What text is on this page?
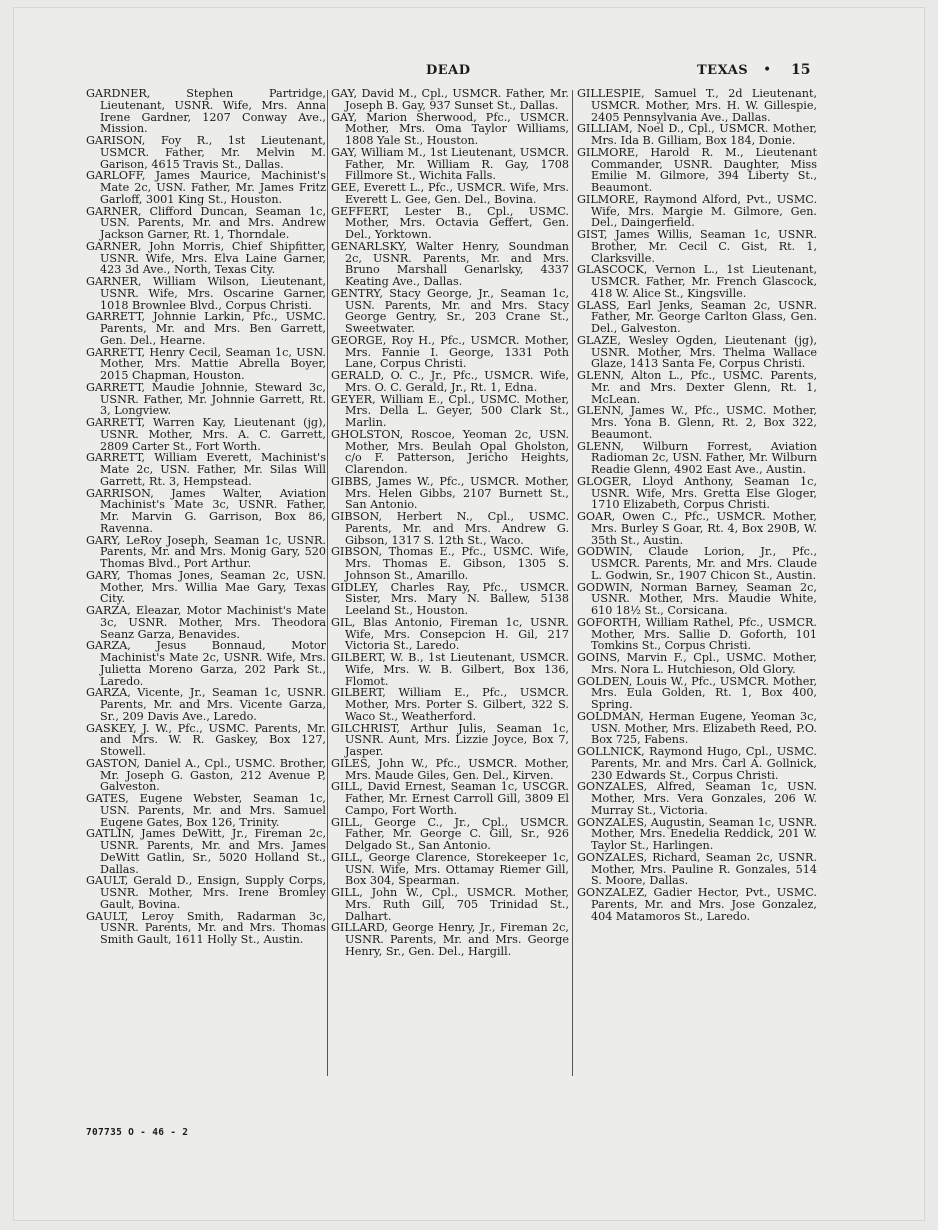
DEAD	TEXAS • 15
GARDNER, Stephen Partridge, Lieutenant, USNR. Wife, Mrs. Anna Irene Gardner, 1207 Conway Ave., Mission.
GARISON, Foy R., 1st Lieutenant, USMCR. Father, Mr. Melvin M. Garison, 4615 Travis St., Dallas.
GARLOFF, James Maurice, Machinist's Mate 2c, USN. Father, Mr. James Fritz Garloff, 3001 King St., Houston.
GARNER, Clifford Duncan, Seaman 1c, USN. Parents, Mr. and Mrs. Andrew Jackson Garner, Rt. 1, Thorndale.
GARNER, John Morris, Chief Shipfitter, USNR. Wife, Mrs. Elva Laine Garner, 423 3d Ave., North, Texas City.
GARNER, William Wilson, Lieutenant, USNR. Wife, Mrs. Oscarine Garner, 1018 Brownlee Blvd., Corpus Christi.
GARRETT, Johnnie Larkin, Pfc., USMC. Parents, Mr. and Mrs. Ben Garrett, Gen. Del., Hearne.
GARRETT, Henry Cecil, Seaman 1c, USN. Mother, Mrs. Mattie Abrella Boyer, 2015 Chapman, Houston.
GARRETT, Maudie Johnnie, Steward 3c, USNR. Father, Mr. Johnnie Garrett, Rt. 3, Longview.
GARRETT, Warren Kay, Lieutenant (jg), USNR. Mother, Mrs. A. C. Garrett, 2809 Carter St., Fort Worth.
GARRETT, William Everett, Machinist's Mate 2c, USN. Father, Mr. Silas Will Garrett, Rt. 3, Hempstead.
GARRISON, James Walter, Aviation Machinist's Mate 3c, USNR. Father, Mr. Marvin G. Garrison, Box 86, Ravenna.
GARY, LeRoy Joseph, Seaman 1c, USNR. Parents, Mr. and Mrs. Monig Gary, 520 Thomas Blvd., Port Arthur.
GARY, Thomas Jones, Seaman 2c, USN. Mother, Mrs. Willia Mae Gary, Texas City.
GARZA, Eleazar, Motor Machinist's Mate 3c, USNR. Mother, Mrs. Theodora Seanz Garza, Benavides.
GARZA, Jesus Bonnaud, Motor Machinist's Mate 2c, USNR. Wife, Mrs. Julietta Moreno Garza, 202 Park St., Laredo.
GARZA, Vicente, Jr., Seaman 1c, USNR. Parents, Mr. and Mrs. Vicente Garza, Sr., 209 Davis Ave., Laredo.
GASKEY, J. W., Pfc., USMC. Parents, Mr. and Mrs. W. R. Gaskey, Box 127, Stowell.
GASTON, Daniel A., Cpl., USMC. Brother, Mr. Joseph G. Gaston, 212 Avenue P, Galveston.
GATES, Eugene Webster, Seaman 1c, USN. Parents, Mr. and Mrs. Samuel Eugene Gates, Box 126, Trinity.
GATLIN, James DeWitt, Jr., Fireman 2c, USNR. Parents, Mr. and Mrs. James DeWitt Gatlin, Sr., 5020 Holland St., Dallas.
GAULT, Gerald D., Ensign, Supply Corps, USNR. Mother, Mrs. Irene Bromley Gault, Bovina.
GAULT, Leroy Smith, Radarman 3c, USNR. Parents, Mr. and Mrs. Thomas Smith Gault, 1611 Holly St., Austin.
GAY, David M., Cpl., USMCR. Father, Mr. Joseph B. Gay, 937 Sunset St., Dallas.
GAY, Marion Sherwood, Pfc., USMCR. Mother, Mrs. Oma Taylor Williams, 1808 Yale St., Houston.
GAY, William M., 1st Lieutenant, USMCR. Father, Mr. William R. Gay, 1708 Fillmore St., Wichita Falls.
GEE, Everett L., Pfc., USMCR. Wife, Mrs. Everett L. Gee, Gen. Del., Bovina.
GEFFERT, Lester B., Cpl., USMC. Mother, Mrs. Octavia Geffert, Gen. Del., Yorktown.
GENARLSKY, Walter Henry, Soundman 2c, USNR. Parents, Mr. and Mrs. Bruno Marshall Genarlsky, 4337 Keating Ave., Dallas.
GENTRY, Stacy George, Jr., Seaman 1c, USN. Parents, Mr. and Mrs. Stacy George Gentry, Sr., 203 Crane St., Sweetwater.
GEORGE, Roy H., Pfc., USMCR. Mother, Mrs. Fannie I. George, 1331 Poth Lane, Corpus Christi.
GERALD, O. C., Jr., Pfc., USMCR. Wife, Mrs. O. C. Gerald, Jr., Rt. 1, Edna.
GEYER, William E., Cpl., USMC. Mother, Mrs. Della L. Geyer, 500 Clark St., Marlin.
GHOLSTON, Roscoe, Yeoman 2c, USN. Mother, Mrs. Beulah Opal Gholston, c/o F. Patterson, Jericho Heights, Clarendon.
GIBBS, James W., Pfc., USMCR. Mother, Mrs. Helen Gibbs, 2107 Burnett St., San Antonio.
GIBSON, Herbert N., Cpl., USMC. Parents, Mr. and Mrs. Andrew G. Gibson, 1317 S. 12th St., Waco.
GIBSON, Thomas E., Pfc., USMC. Wife, Mrs. Thomas E. Gibson, 1305 S. Johnson St., Amarillo.
GIDLEY, Charles Ray, Pfc., USMCR. Sister, Mrs. Mary N. Ballew, 5138 Leeland St., Houston.
GIL, Blas Antonio, Fireman 1c, USNR. Wife, Mrs. Consepcion H. Gil, 217 Victoria St., Laredo.
GILBERT, W. B., 1st Lieutenant, USMCR. Wife, Mrs. W. B. Gilbert, Box 136, Flomot.
GILBERT, William E., Pfc., USMCR. Mother, Mrs. Porter S. Gilbert, 322 S. Waco St., Weatherford.
GILCHRIST, Arthur Julis, Seaman 1c, USNR. Aunt, Mrs. Lizzie Joyce, Box 7, Jasper.
GILES, John W., Pfc., USMCR. Mother, Mrs. Maude Giles, Gen. Del., Kirven.
GILL, David Ernest, Seaman 1c, USCGR. Father, Mr. Ernest Carroll Gill, 3809 El Campo, Fort Worth.
GILL, George C., Jr., Cpl., USMCR. Father, Mr. George C. Gill, Sr., 926 Delgado St., San Antonio.
GILL, George Clarence, Storekeeper 1c, USN. Wife, Mrs. Ottamay Riemer Gill, Box 304, Spearman.
GILL, John W., Cpl., USMCR. Mother, Mrs. Ruth Gill, 705 Trinidad St., Dalhart.
GILLARD, George Henry, Jr., Fireman 2c, USNR. Parents, Mr. and Mrs. George Henry, Sr., Gen. Del., Hargill.
GILLESPIE, Samuel T., 2d Lieutenant, USMCR. Mother, Mrs. H. W. Gillespie, 2405 Pennsylvania Ave., Dallas.
GILLIAM, Noel D., Cpl., USMCR. Mother, Mrs. Ida B. Gilliam, Box 184, Donie.
GILMORE, Harold R. M., Lieutenant Commander, USNR. Daughter, Miss Emilie M. Gilmore, 394 Liberty St., Beaumont.
GILMORE, Raymond Alford, Pvt., USMC. Wife, Mrs. Margie M. Gilmore, Gen. Del., Daingerfield.
GIST, James Willis, Seaman 1c, USNR. Brother, Mr. Cecil C. Gist, Rt. 1, Clarksville.
GLASCOCK, Vernon L., 1st Lieutenant, USMCR. Father, Mr. French Glascock, 418 W. Alice St., Kingsville.
GLASS, Earl Jenks, Seaman 2c, USNR. Father, Mr. George Carlton Glass, Gen. Del., Galveston.
GLAZE, Wesley Ogden, Lieutenant (jg), USNR. Mother, Mrs. Thelma Wallace Glaze, 1413 Santa Fe, Corpus Christi.
GLENN, Alton L., Pfc., USMC. Parents, Mr. and Mrs. Dexter Glenn, Rt. 1, McLean.
GLENN, James W., Pfc., USMC. Mother, Mrs. Yona B. Glenn, Rt. 2, Box 322, Beaumont.
GLENN, Wilburn Forrest, Aviation Radioman 2c, USN. Father, Mr. Wilburn Readie Glenn, 4902 East Ave., Austin.
GLOGER, Lloyd Anthony, Seaman 1c, USNR. Wife, Mrs. Gretta Else Gloger, 1710 Elizabeth, Corpus Christi.
GOAR, Owen C., Pfc., USMCR. Mother, Mrs. Burley S Goar, Rt. 4, Box 290B, W. 35th St., Austin.
GODWIN, Claude Lorion, Jr., Pfc., USMCR. Parents, Mr. and Mrs. Claude L. Godwin, Sr., 1907 Chicon St., Austin.
GODWIN, Norman Barney, Seaman 2c, USNR. Mother, Mrs. Maudie White, 610 18½ St., Corsicana.
GOFORTH, William Rathel, Pfc., USMCR. Mother, Mrs. Sallie D. Goforth, 101 Tomkins St., Corpus Christi.
GOINS, Marvin F., Cpl., USMC. Mother, Mrs. Nora L. Hutchieson, Old Glory.
GOLDEN, Louis W., Pfc., USMCR. Mother, Mrs. Eula Golden, Rt. 1, Box 400, Spring.
GOLDMAN, Herman Eugene, Yeoman 3c, USN. Mother, Mrs. Elizabeth Reed, P.O. Box 725, Fabens.
GOLLNICK, Raymond Hugo, Cpl., USMC. Parents, Mr. and Mrs. Carl A. Gollnick, 230 Edwards St., Corpus Christi.
GONZALES, Alfred, Seaman 1c, USN. Mother, Mrs. Vera Gonzales, 206 W. Murray St., Victoria.
GONZALES, Augustin, Seaman 1c, USNR. Mother, Mrs. Enedelia Reddick, 201 W. Taylor St., Harlingen.
GONZALES, Richard, Seaman 2c, USNR. Mother, Mrs. Pauline R. Gonzales, 514 S. Moore, Dallas.
GONZALEZ, Gadier Hector, Pvt., USMC. Parents, Mr. and Mrs. Jose Gonzalez, 404 Matamoros St., Laredo.
707735 O - 46 - 2
